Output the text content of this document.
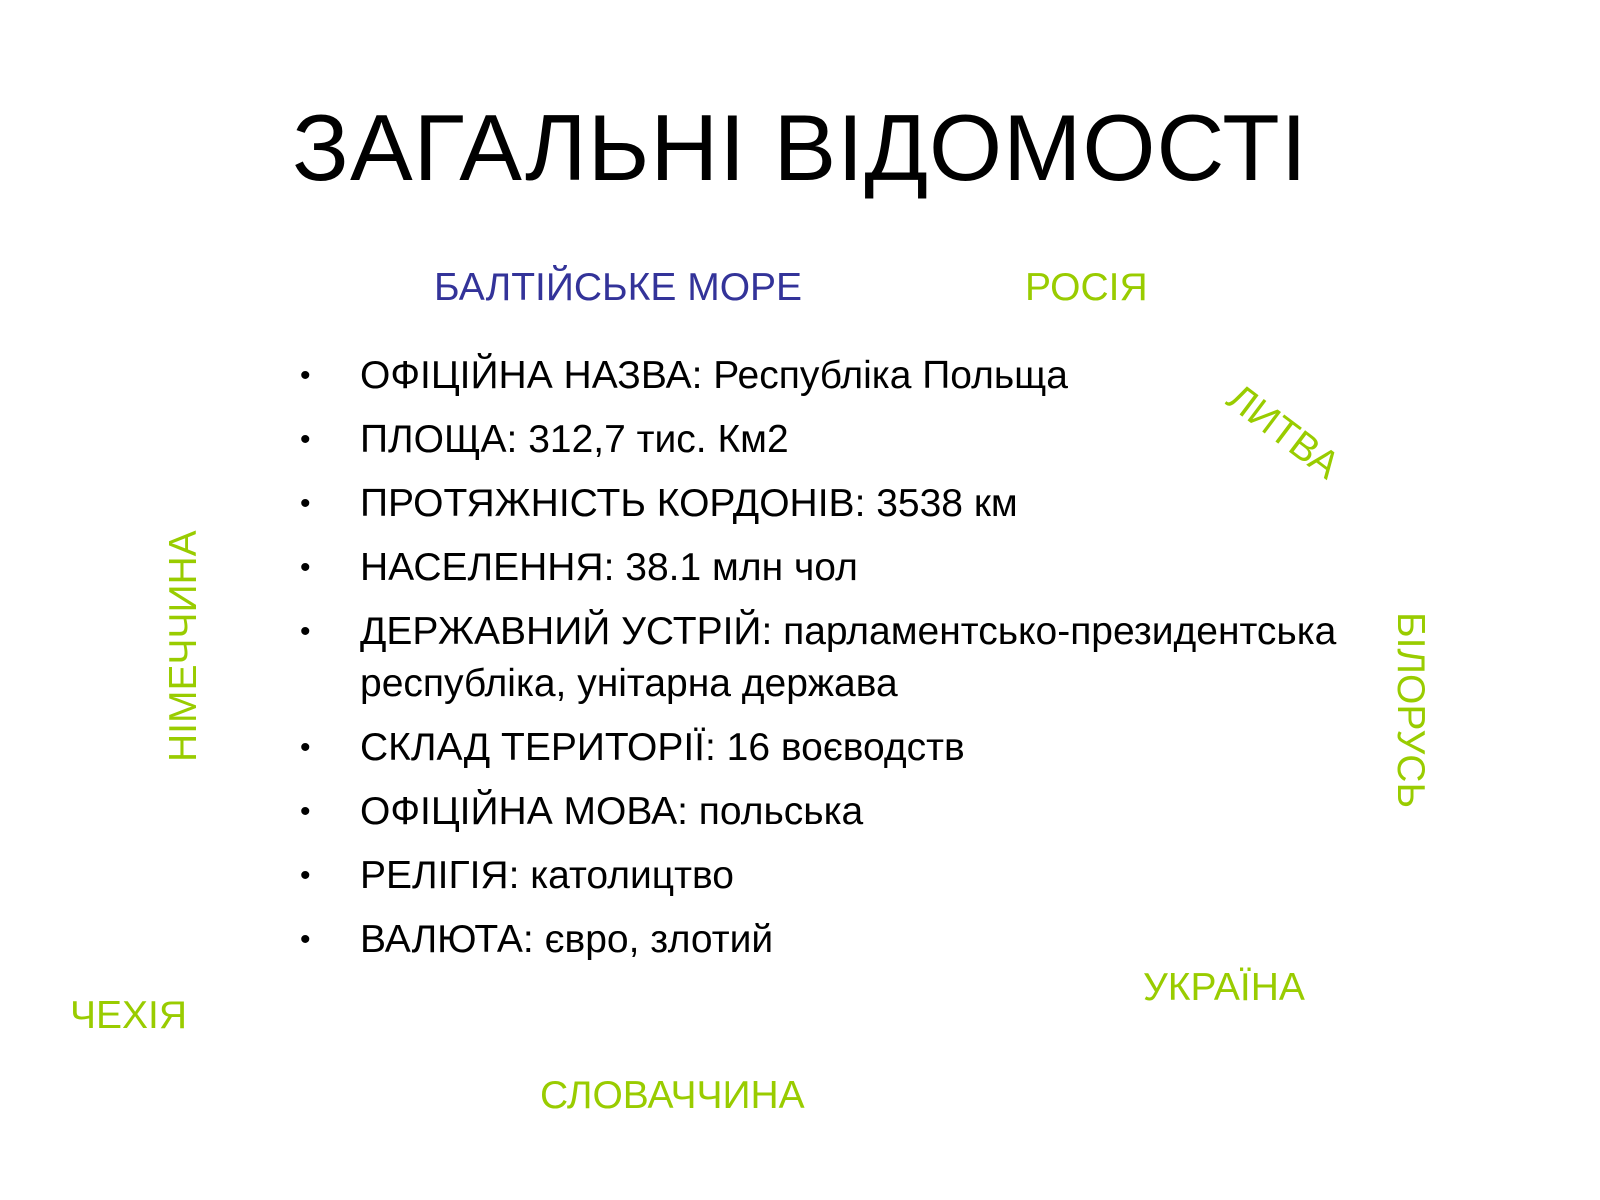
ЗАГАЛЬНІ ВІДОМОСТІ
БАЛТІЙСЬКЕ МОРЕ	РОСІЯ
ЛИТВА
НІМЕЧЧИНА	БІЛОРУСЬ
УКРАЇНА
ЧЕХІЯ
СЛОВАЧЧИНА
• ОФІЦІЙНА НАЗВА: Республіка Польща
• ПЛОЩА: 312,7 тис. Км2
• ПРОТЯЖНІСТЬ КОРДОНІВ: 3538 км
• НАСЕЛЕННЯ: 38.1 млн чол
• ДЕРЖАВНИЙ УСТРІЙ: парламентсько-президентська республіка, унітарна держава
• СКЛАД ТЕРИТОРІЇ: 16 воєводств
• ОФІЦІЙНА МОВА: польська
• РЕЛІГІЯ: католицтво
• ВАЛЮТА: євро, злотий
